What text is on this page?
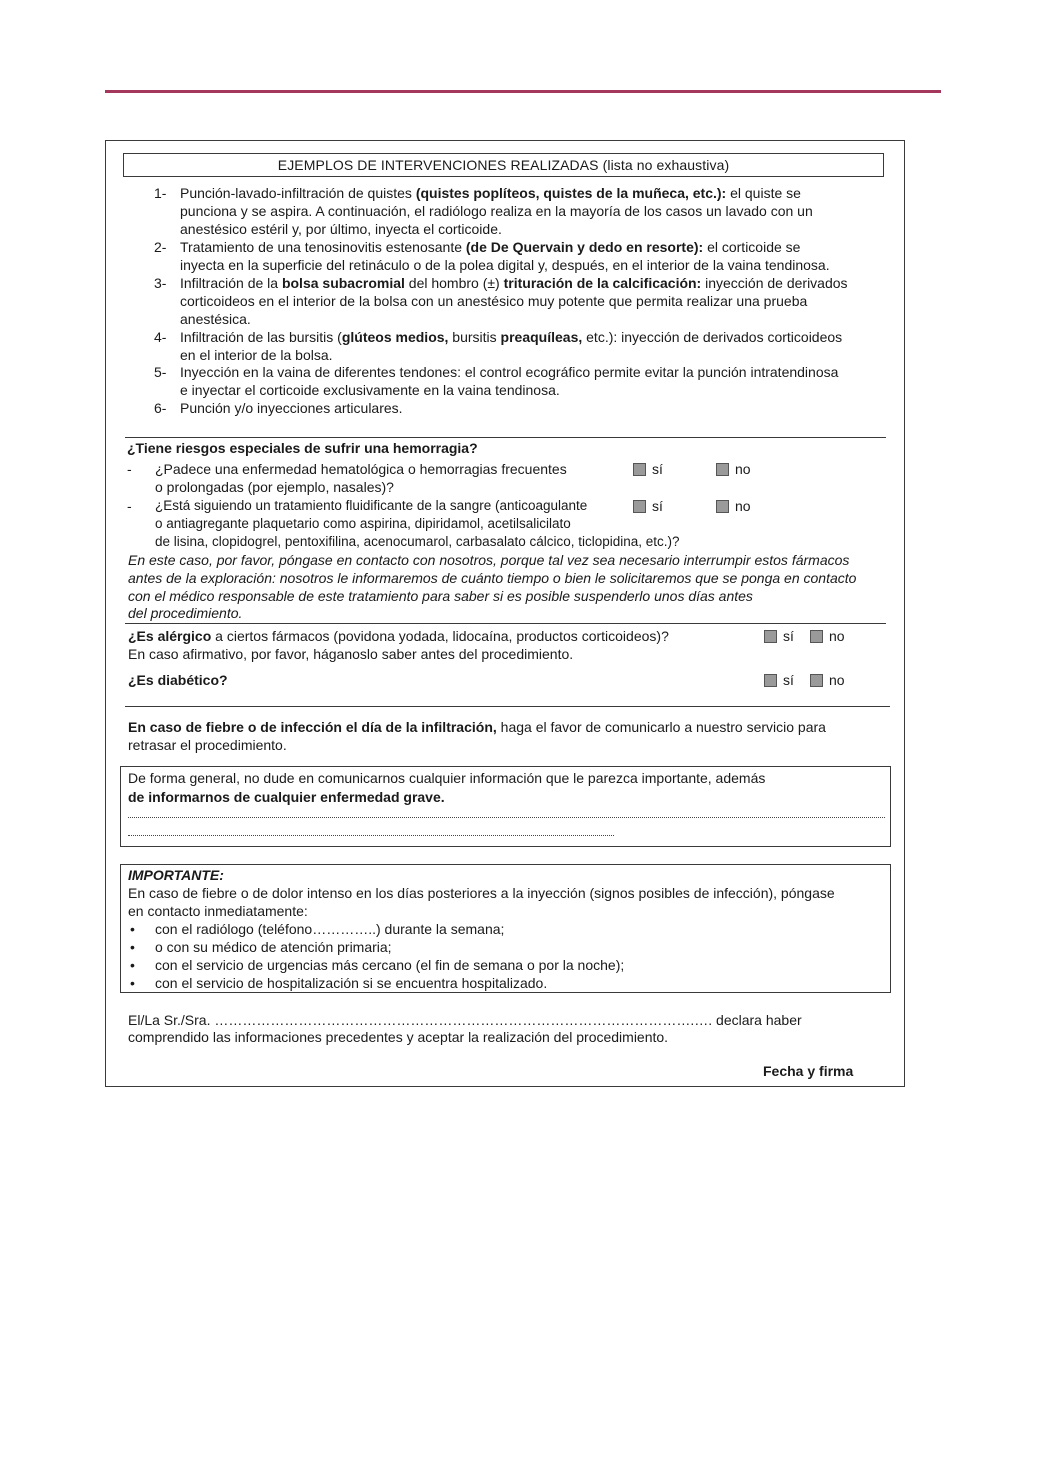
EJEMPLOS DE INTERVENCIONES REALIZADAS (lista no exhaustiva)
1- Punción-lavado-infiltración de quistes (quistes poplíteos, quistes de la muñeca, etc.): el quiste se
punciona y se aspira. A continuación, el radiólogo realiza en la mayoría de los casos un lavado con un
anestésico estéril y, por último, inyecta el corticoide.
2- Tratamiento de una tenosinovitis estenosante (de De Quervain y dedo en resorte): el corticoide se
inyecta en la superficie del retináculo o de la polea digital y, después, en el interior de la vaina tendinosa.
3- Infiltración de la bolsa subacromial del hombro (±) trituración de la calcificación: inyección de derivados
corticoideos en el interior de la bolsa con un anestésico muy potente que permita realizar una prueba
anestésica.
4- Infiltración de las bursitis (glúteos medios, bursitis preaquíleas, etc.): inyección de derivados corticoideos
en el interior de la bolsa.
5- Inyección en la vaina de diferentes tendones: el control ecográfico permite evitar la punción intratendinosa
e inyectar el corticoide exclusivamente en la vaina tendinosa.
6- Punción y/o inyecciones articulares.
¿Tiene riesgos especiales de sufrir una hemorragia?
- ¿Padece una enfermedad hematológica o hemorragias frecuentes
o prolongadas (por ejemplo, nasales)?
sí	no
- ¿Está siguiendo un tratamiento fluidificante de la sangre (anticoagulante
o antiagregante plaquetario como aspirina, dipiridamol, acetilsalicilato
de lisina, clopidogrel, pentoxifilina, acenocumarol, carbasalato cálcico, ticlopidina, etc.)?
sí	no
En este caso, por favor, póngase en contacto con nosotros, porque tal vez sea necesario interrumpir estos fármacos
antes de la exploración: nosotros le informaremos de cuánto tiempo o bien le solicitaremos que se ponga en contacto
con el médico responsable de este tratamiento para saber si es posible suspenderlo unos días antes
del procedimiento.
¿Es alérgico a ciertos fármacos (povidona yodada, lidocaína, productos corticoideos)?
En caso afirmativo, por favor, háganoslo saber antes del procedimiento.
sí	no
¿Es diabético?	sí	no
En caso de fiebre o de infección el día de la infiltración, haga el favor de comunicarlo a nuestro servicio para
retrasar el procedimiento.
De forma general, no dude en comunicarnos cualquier información que le parezca importante, además
de informarnos de cualquier enfermedad grave.
IMPORTANTE:
En caso de fiebre o de dolor intenso en los días posteriores a la inyección (signos posibles de infección), póngase
en contacto inmediatamente:
• con el radiólogo (teléfono…………..) durante la semana;
• o con su médico de atención primaria;
• con el servicio de urgencias más cercano (el fin de semana o por la noche);
• con el servicio de hospitalización si se encuentra hospitalizado.
El/La Sr./Sra. ………………………………………………………………………………………….…. declara haber
comprendido las informaciones precedentes y aceptar la realización del procedimiento.
Fecha y firma
